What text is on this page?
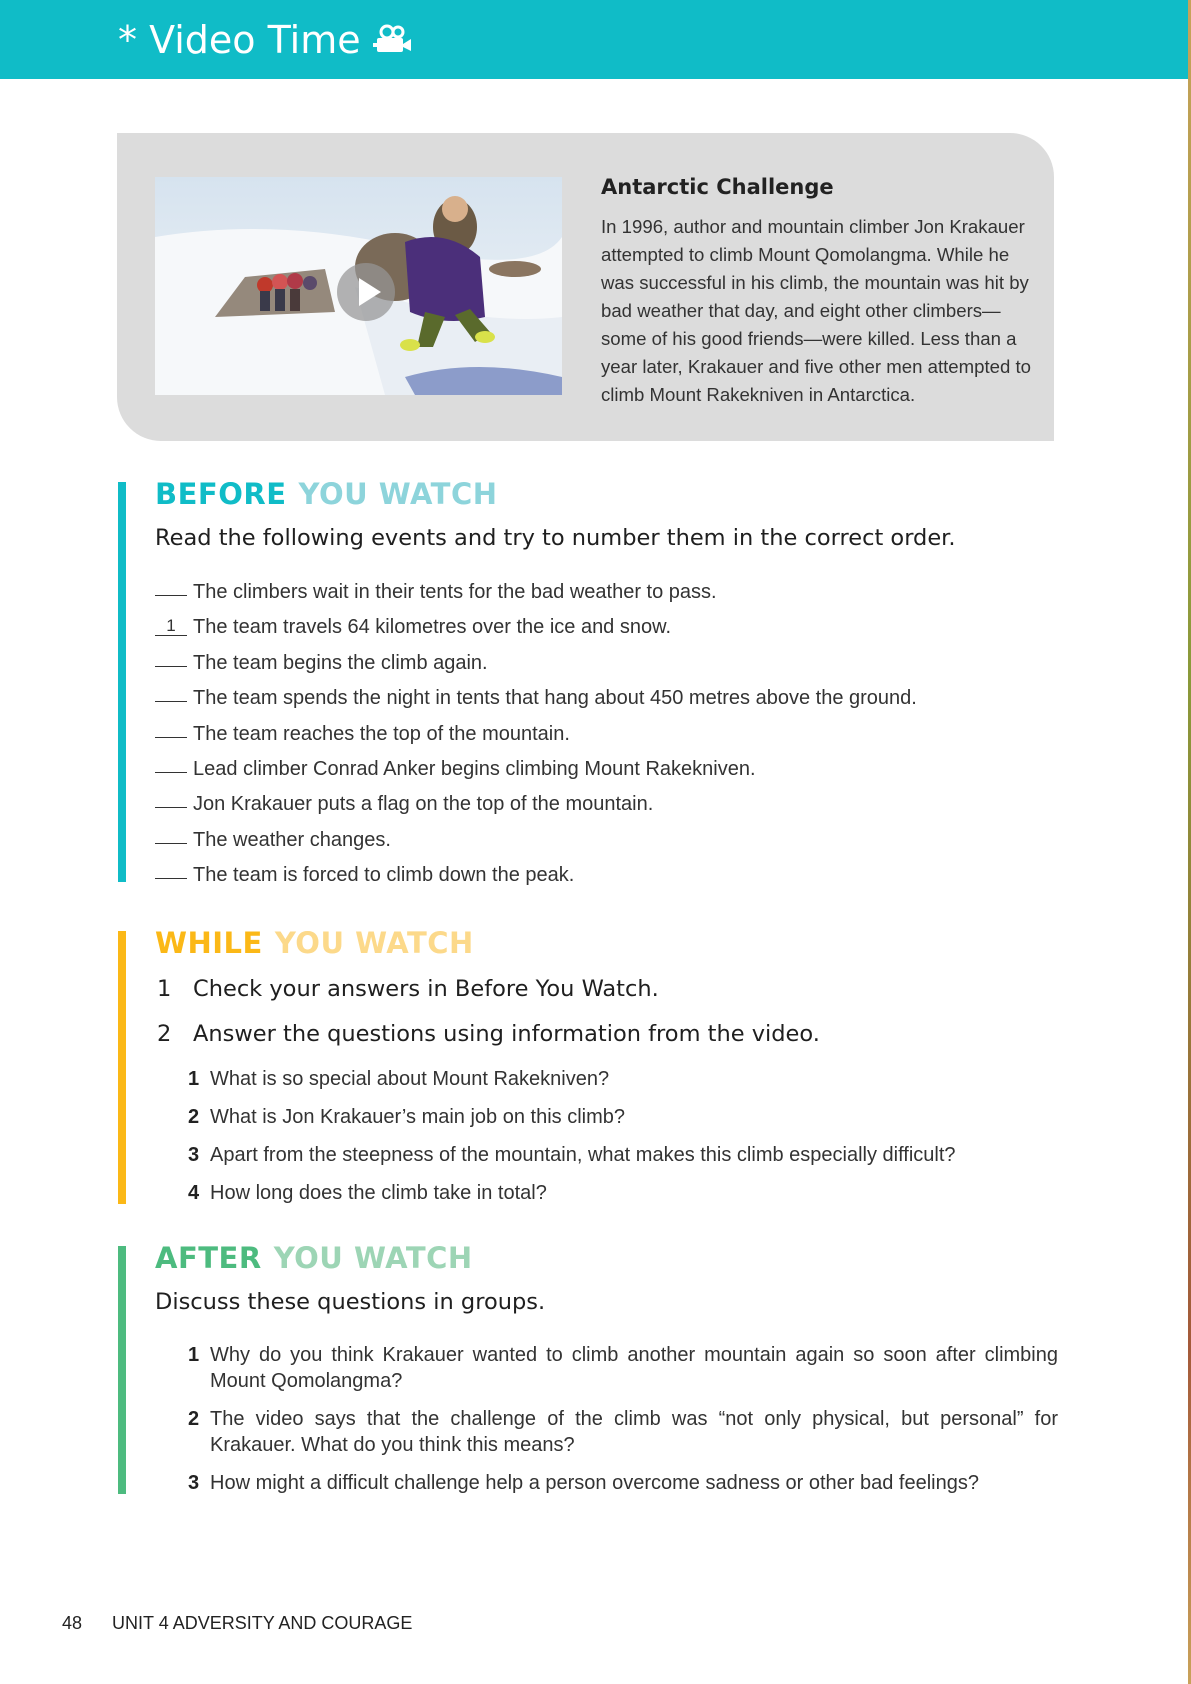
* Video Time
Antarctic Challenge
In 1996, author and mountain climber Jon Krakauer attempted to climb Mount Qomolangma. While he was successful in his climb, the mountain was hit by bad weather that day, and eight other climbers—some of his good friends—were killed. Less than a year later, Krakauer and five other men attempted to climb Mount Rakekniven in Antarctica.
BEFORE YOU WATCH
Read the following events and try to number them in the correct order.
The climbers wait in their tents for the bad weather to pass.
1 The team travels 64 kilometres over the ice and snow.
The team begins the climb again.
The team spends the night in tents that hang about 450 metres above the ground.
The team reaches the top of the mountain.
Lead climber Conrad Anker begins climbing Mount Rakekniven.
Jon Krakauer puts a flag on the top of the mountain.
The weather changes.
The team is forced to climb down the peak.
WHILE YOU WATCH
1 Check your answers in Before You Watch.
2 Answer the questions using information from the video.
1 What is so special about Mount Rakekniven?
2 What is Jon Krakauer’s main job on this climb?
3 Apart from the steepness of the mountain, what makes this climb especially difficult?
4 How long does the climb take in total?
AFTER YOU WATCH
Discuss these questions in groups.
1 Why do you think Krakauer wanted to climb another mountain again so soon after climbing Mount Qomolangma?
2 The video says that the challenge of the climb was “not only physical, but personal” for Krakauer. What do you think this means?
3 How might a difficult challenge help a person overcome sadness or other bad feelings?
48 UNIT 4 ADVERSITY AND COURAGE
